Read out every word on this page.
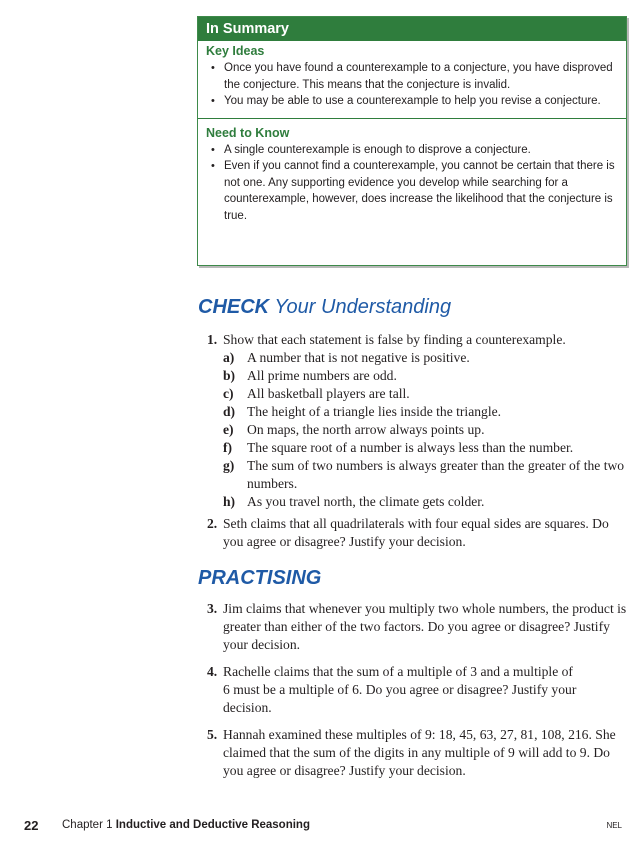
In Summary
Key Ideas
• Once you have found a counterexample to a conjecture, you have disproved the conjecture. This means that the conjecture is invalid.
• You may be able to use a counterexample to help you revise a conjecture.
Need to Know
• A single counterexample is enough to disprove a conjecture.
• Even if you cannot find a counterexample, you cannot be certain that there is not one. Any supporting evidence you develop while searching for a counterexample, however, does increase the likelihood that the conjecture is true.
CHECK Your Understanding
1. Show that each statement is false by finding a counterexample.
a) A number that is not negative is positive.
b) All prime numbers are odd.
c) All basketball players are tall.
d) The height of a triangle lies inside the triangle.
e) On maps, the north arrow always points up.
f) The square root of a number is always less than the number.
g) The sum of two numbers is always greater than the greater of the two numbers.
h) As you travel north, the climate gets colder.
2. Seth claims that all quadrilaterals with four equal sides are squares. Do you agree or disagree? Justify your decision.
PRACTISING
3. Jim claims that whenever you multiply two whole numbers, the product is greater than either of the two factors. Do you agree or disagree? Justify your decision.
4. Rachelle claims that the sum of a multiple of 3 and a multiple of 6 must be a multiple of 6. Do you agree or disagree? Justify your decision.
5. Hannah examined these multiples of 9: 18, 45, 63, 27, 81, 108, 216. She claimed that the sum of the digits in any multiple of 9 will add to 9. Do you agree or disagree? Justify your decision.
22 Chapter 1 Inductive and Deductive Reasoning	NEL
